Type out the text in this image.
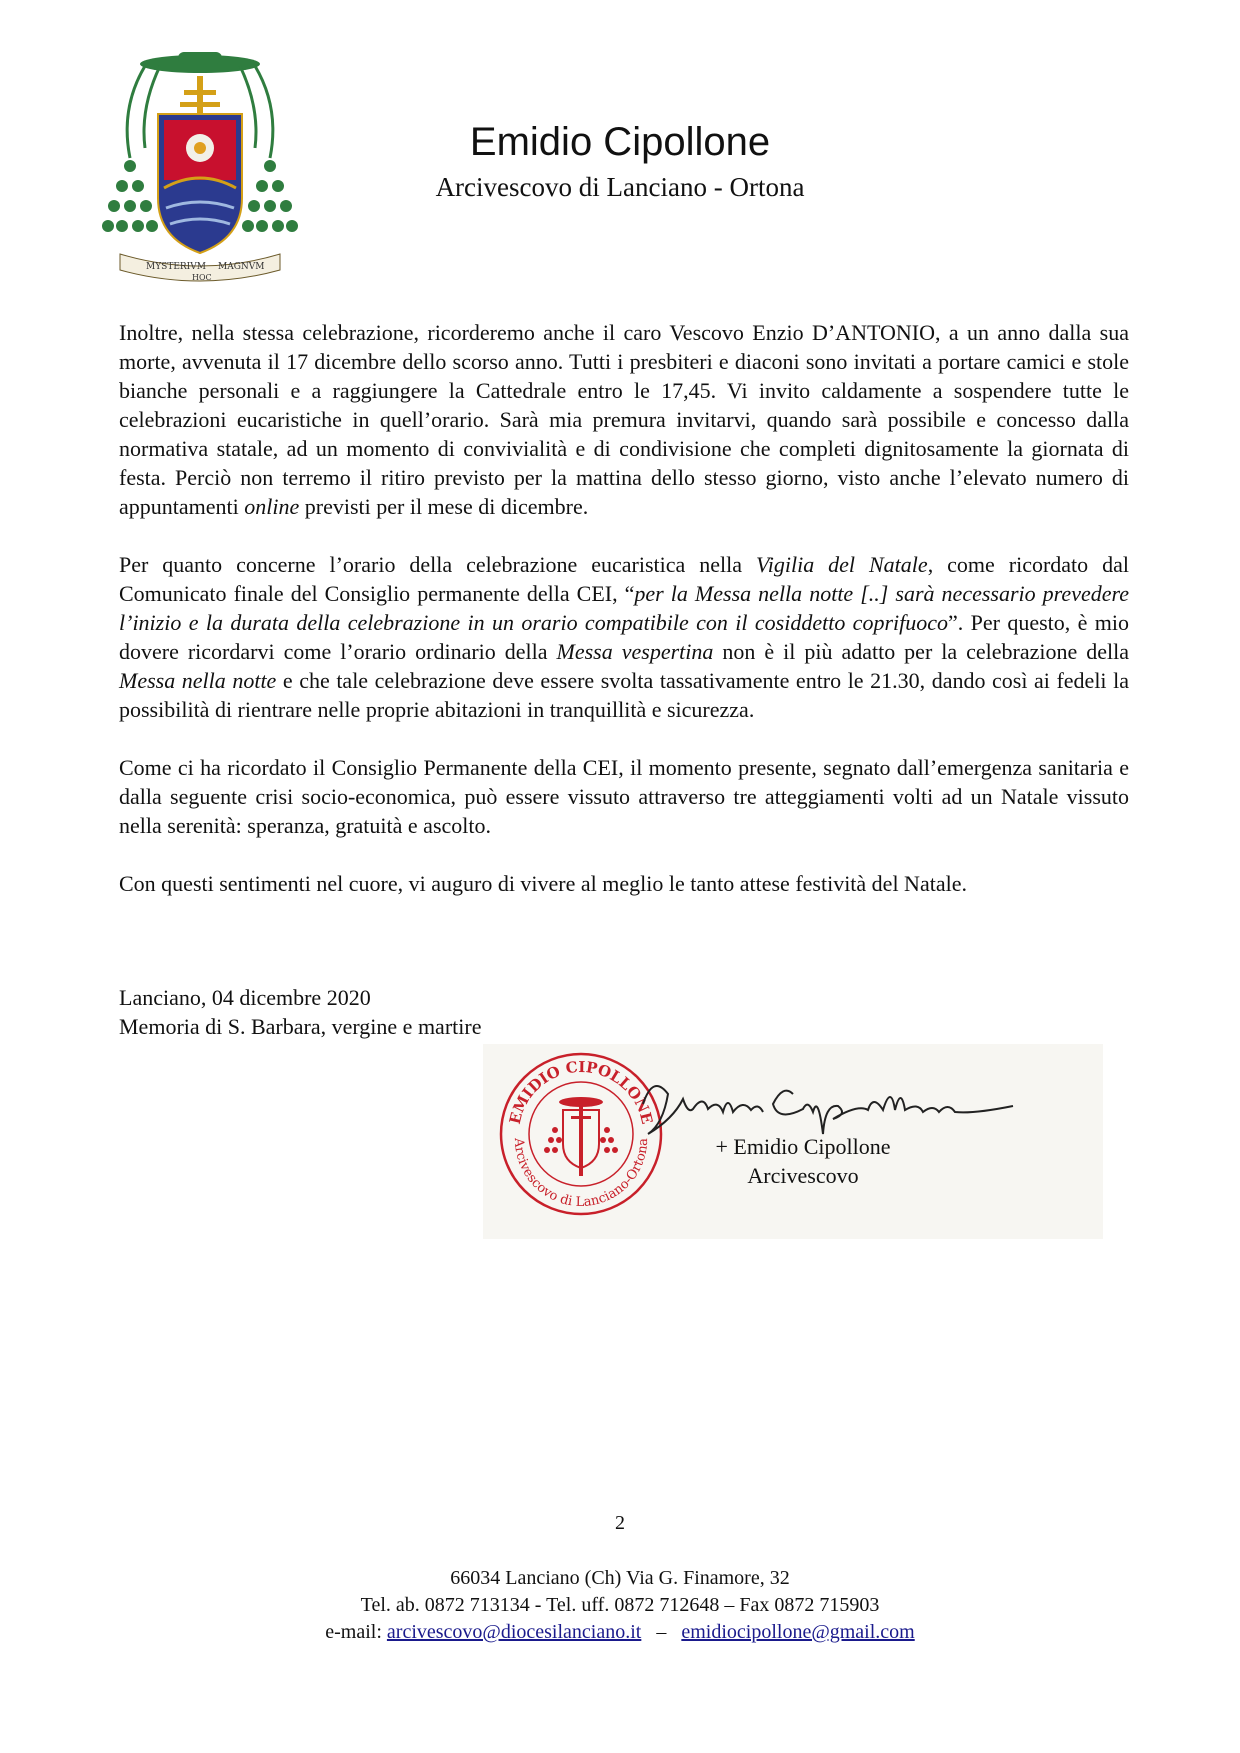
MYSTERIVM
HOC
MAGNVM
Emidio Cipollone
Arcivescovo di Lanciano - Ortona

Inoltre, nella stessa celebrazione, ricorderemo anche il caro Vescovo Enzio D’ANTONIO, a un anno dalla sua morte, avvenuta il 17 dicembre dello scorso anno. Tutti i presbiteri e diaconi sono invitati a portare camici e stole bianche personali e a raggiungere la Cattedrale entro le 17,45. Vi invito caldamente a sospendere tutte le celebrazioni eucaristiche in quell’orario. Sarà mia premura invitarvi, quando sarà possibile e concesso dalla normativa statale, ad un momento di convivialità e di condivisione che completi dignitosamente la giornata di festa. Perciò non terremo il ritiro previsto per la mattina dello stesso giorno, visto anche l’elevato numero di appuntamenti online previsti per il mese di dicembre.

Per quanto concerne l’orario della celebrazione eucaristica nella Vigilia del Natale, come ricordato dal Comunicato finale del Consiglio permanente della CEI, “per la Messa nella notte [..] sarà necessario prevedere l’inizio e la durata della celebrazione in un orario compatibile con il cosiddetto coprifuoco”. Per questo, è mio dovere ricordarvi come l’orario ordinario della Messa vespertina non è il più adatto per la celebrazione della Messa nella notte e che tale celebrazione deve essere svolta tassativamente entro le 21.30, dando così ai fedeli la possibilità di rientrare nelle proprie abitazioni in tranquillità e sicurezza.

Come ci ha ricordato il Consiglio Permanente della CEI, il momento presente, segnato dall’emergenza sanitaria e dalla seguente crisi socio-economica, può essere vissuto attraverso tre atteggiamenti volti ad un Natale vissuto nella serenità: speranza, gratuità e ascolto.

Con questi sentimenti nel cuore, vi auguro di vivere al meglio le tanto attese festività del Natale.

Lanciano, 04 dicembre 2020
Memoria di S. Barbara, vergine e martire
EMIDIO CIPOLLONE
Arcivescovo di Lanciano-Ortona	+ Emidio Cipollone
Arcivescovo
2
66034 Lanciano (Ch) Via G. Finamore, 32
Tel. ab. 0872 713134 - Tel. uff. 0872 712648 – Fax 0872 715903
e-mail: arcivescovo@diocesilanciano.it – emidiocipollone@gmail.com
